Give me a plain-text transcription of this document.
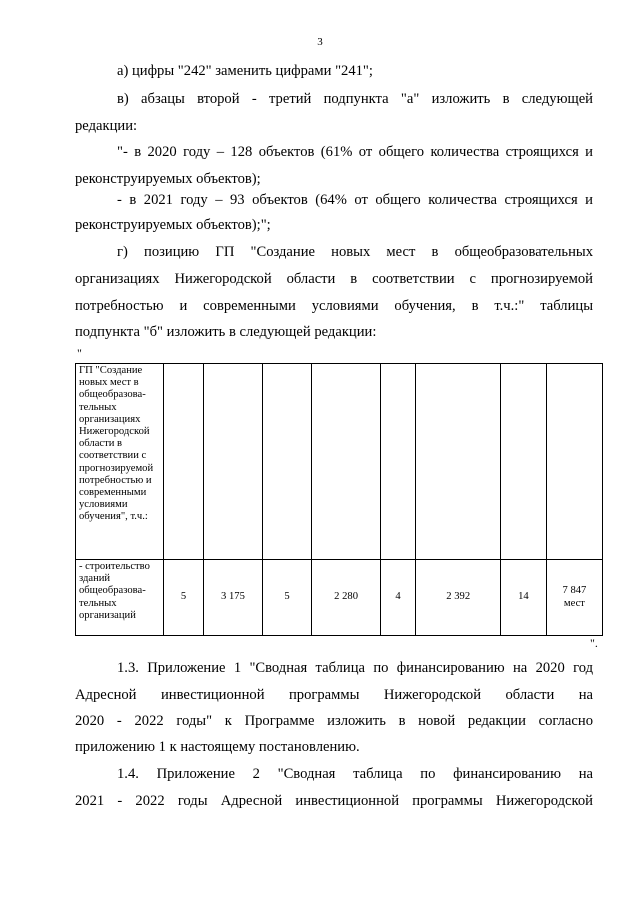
3
а) цифры "242" заменить цифрами "241";
в) абзацы второй - третий подпункта "а" изложить в следующей
редакции:
"- в 2020 году – 128 объектов (61% от общего количества строящихся и
реконструируемых объектов);
- в 2021 году – 93 объектов (64% от общего количества строящихся и
реконструируемых объектов);";
г) позицию ГП "Создание новых мест в общеобразовательных
организациях Нижегородской области в соответствии с прогнозируемой
потребностью и современными условиями обучения, в т.ч.:" таблицы
подпункта "б" изложить в следующей редакции:
"
ГП "Создание новых мест в общеобразова-тельных организациях Нижегородской области в соответствии с прогнозируемой потребностью и современными условиями обучения", т.ч.:								
- строительство зданий общеобразова-тельных организаций	5	3 175	5	2 280	4	2 392	14	7 847
мест
".
1.3. Приложение 1 "Сводная таблица по финансированию на 2020 год
Адресной инвестиционной программы Нижегородской области на
2020 - 2022 годы" к Программе изложить в новой редакции согласно
приложению 1 к настоящему постановлению.
1.4. Приложение 2 "Сводная таблица по финансированию на
2021 - 2022 годы Адресной инвестиционной программы Нижегородской
